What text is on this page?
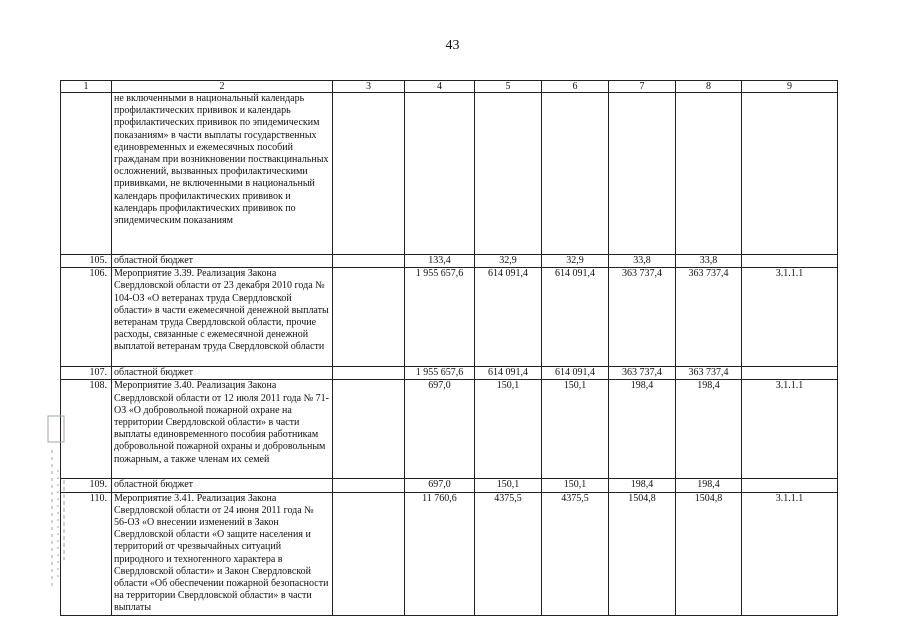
43
1	2	3	4	5	6	7	8	9
	не включенными в национальный календарь профилактических прививок и календарь профилактических прививок по эпидемическим показаниям» в части выплаты государственных единовременных и ежемесячных пособий гражданам при возникновении поствакцинальных осложнений, вызванных профилактическими прививками, не включенными в национальный календарь профилактических прививок и календарь профилактических прививок по эпидемическим показаниям							
105.	областной бюджет		133,4	32,9	32,9	33,8	33,8	
106.	Мероприятие 3.39. Реализация Закона Свердловской области от 23 декабря 2010 года № 104-ОЗ «О ветеранах труда Свердловской области» в части ежемесячной денежной выплаты ветеранам труда Свердловской области, прочие расходы, связанные с ежемесячной денежной выплатой ветеранам труда Свердловской области		1 955 657,6	614 091,4	614 091,4	363 737,4	363 737,4	3.1.1.1
107.	областной бюджет		1 955 657,6	614 091,4	614 091,4	363 737,4	363 737,4	
108.	Мероприятие 3.40. Реализация Закона Свердловской области от 12 июля 2011 года № 71-ОЗ «О добровольной пожарной охране на территории Свердловской области» в части выплаты единовременного пособия работникам добровольной пожарной охраны и добровольным пожарным, а также членам их семей		697,0	150,1	150,1	198,4	198,4	3.1.1.1
109.	областной бюджет		697,0	150,1	150,1	198,4	198,4	
110.	Мероприятие 3.41. Реализация Закона Свердловской области от 24 июня 2011 года № 56-ОЗ «О внесении изменений в Закон Свердловской области «О защите населения и территорий от чрезвычайных ситуаций природного и техногенного характера в Свердловской области» и Закон Свердловской области «Об обеспечении пожарной безопасности на территории Свердловской области» в части выплаты		11 760,6	4375,5	4375,5	1504,8	1504,8	3.1.1.1
